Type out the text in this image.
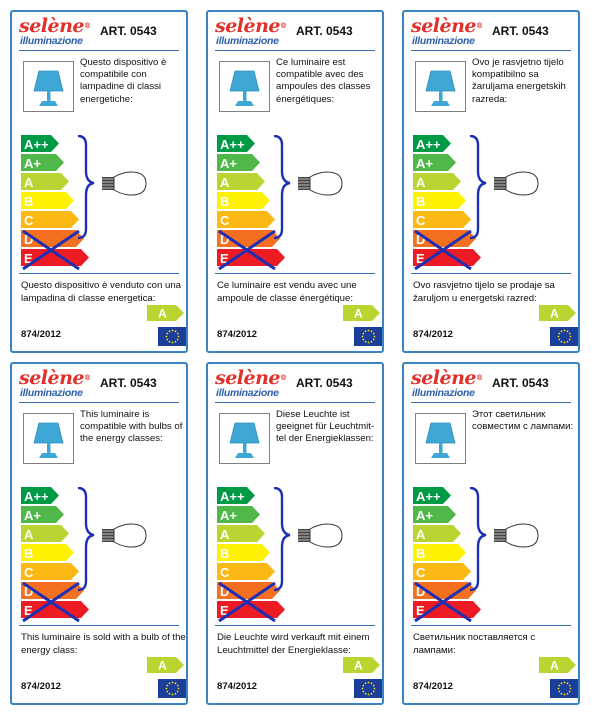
selène ®
illuminazione
ART. 0543
Questo dispositivo è compatibile con lampadine di classi energetiche:
A++
A+
A
B
C
D
E
Questo dispositivo è venduto con una lampadina di classe energetica:
A
874/2012
selène ®
illuminazione
ART. 0543
Ce luminaire est compatible avec des ampoules des classes énergétiques:
A++
A+
A
B
C
D
E
Ce luminaire est vendu avec une ampoule de classe énergétique:
A
874/2012
selène ®
illuminazione
ART. 0543
Ovo je rasvjetno tijelo kompatibilno sa žaruljama energetskih razreda:
A++
A+
A
B
C
D
E
Ovo rasvjetno tijelo se prodaje sa žaruljom u energetski razred:
A
874/2012
selène ®
illuminazione
ART. 0543
This luminaire is compatible with bulbs of the energy classes:
A++
A+
A
B
C
D
E
This luminaire is sold with a bulb of the energy class:
A
874/2012
selène ®
illuminazione
ART. 0543
Diese Leuchte ist geeignet für Leuchtmit- tel der Energieklassen:
A++
A+
A
B
C
D
E
Die Leuchte wird verkauft mit einem Leuchtmittel der Energieklasse:
A
874/2012
selène ®
illuminazione
ART. 0543
Этот светильник совместим с лампами:
A++
A+
A
B
C
D
E
Светильник поставляется с лампами:
A
874/2012
